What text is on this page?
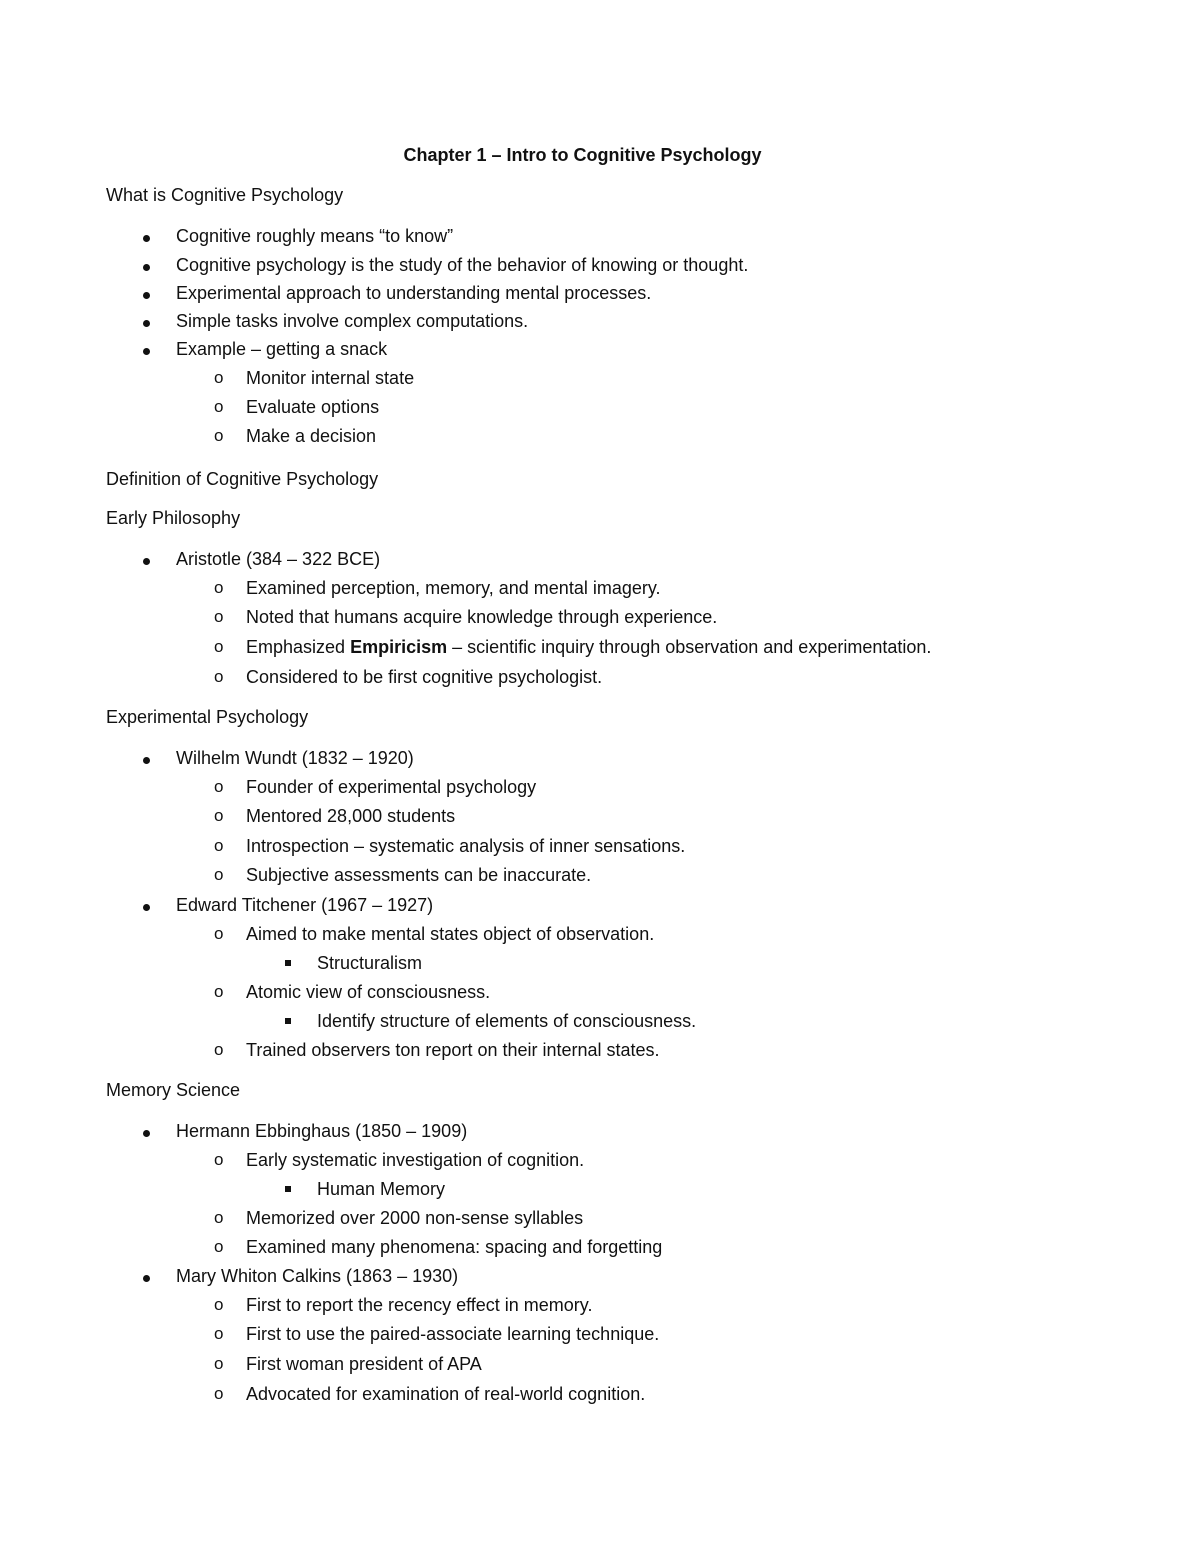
Chapter 1 – Intro to Cognitive Psychology
What is Cognitive Psychology
Cognitive roughly means “to know”
Cognitive psychology is the study of the behavior of knowing or thought.
Experimental approach to understanding mental processes.
Simple tasks involve complex computations.
Example – getting a snack
o Monitor internal state
o Evaluate options
o Make a decision
Definition of Cognitive Psychology
Early Philosophy
Aristotle (384 – 322 BCE)
o Examined perception, memory, and mental imagery.
o Noted that humans acquire knowledge through experience.
o Emphasized Empiricism – scientific inquiry through observation and experimentation.
o Considered to be first cognitive psychologist.
Experimental Psychology
Wilhelm Wundt (1832 – 1920)
o Founder of experimental psychology
o Mentored 28,000 students
o Introspection – systematic analysis of inner sensations.
o Subjective assessments can be inaccurate.
Edward Titchener (1967 – 1927)
o Aimed to make mental states object of observation.
Structuralism
o Atomic view of consciousness.
Identify structure of elements of consciousness.
o Trained observers ton report on their internal states.
Memory Science
Hermann Ebbinghaus (1850 – 1909)
o Early systematic investigation of cognition.
Human Memory
o Memorized over 2000 non-sense syllables
o Examined many phenomena: spacing and forgetting
Mary Whiton Calkins (1863 – 1930)
o First to report the recency effect in memory.
o First to use the paired-associate learning technique.
o First woman president of APA
o Advocated for examination of real-world cognition.
